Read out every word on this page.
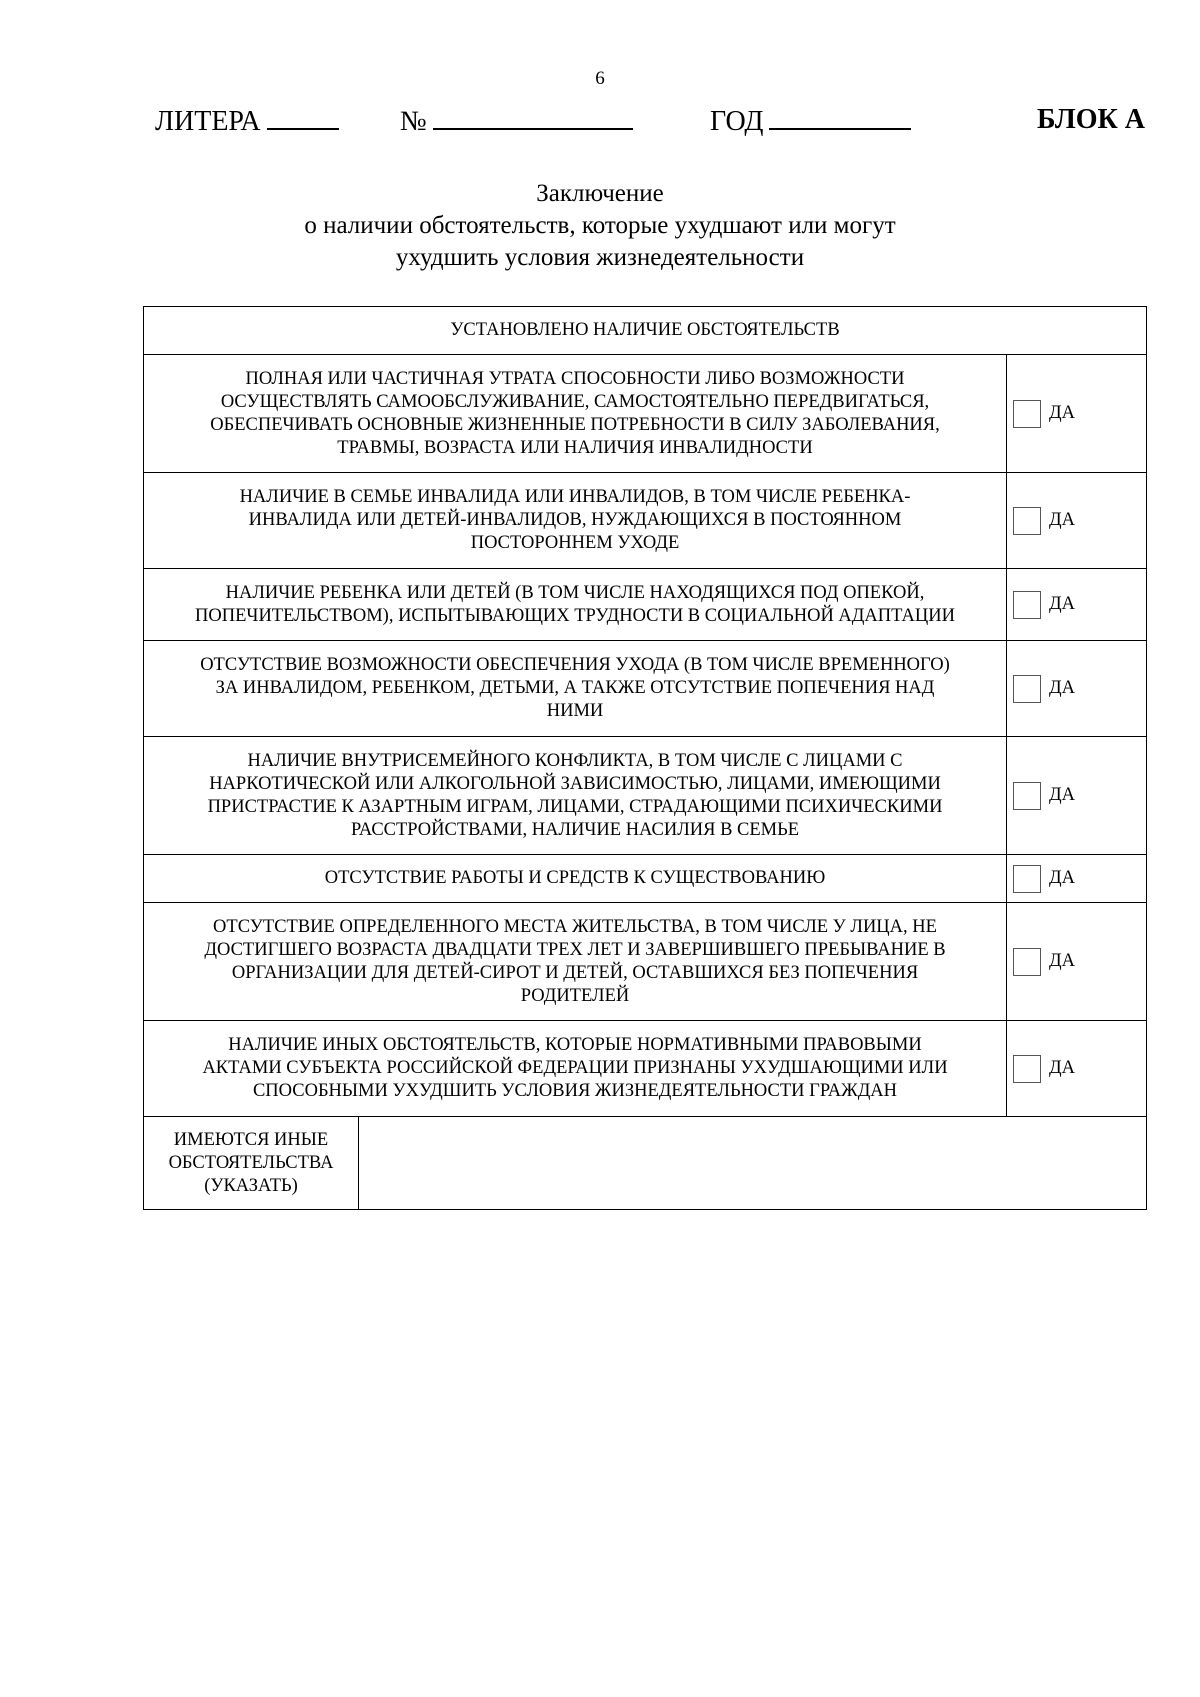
6
ЛИТЕРА	№	ГОД	БЛОК А
Заключение
о наличии обстоятельств, которые ухудшают или могут
ухудшить условия жизнедеятельности
УСТАНОВЛЕНО НАЛИЧИЕ ОБСТОЯТЕЛЬСТВ		

ПОЛНАЯ ИЛИ ЧАСТИЧНАЯ УТРАТА СПОСОБНОСТИ ЛИБО ВОЗМОЖНОСТИ
ОСУЩЕСТВЛЯТЬ САМООБСЛУЖИВАНИЕ, САМОСТОЯТЕЛЬНО ПЕРЕДВИГАТЬСЯ,
ОБЕСПЕЧИВАТЬ ОСНОВНЫЕ ЖИЗНЕННЫЕ ПОТРЕБНОСТИ В СИЛУ ЗАБОЛЕВАНИЯ,
ТРАВМЫ, ВОЗРАСТА ИЛИ НАЛИЧИЯ ИНВАЛИДНОСТИ		ДА

НАЛИЧИЕ В СЕМЬЕ ИНВАЛИДА ИЛИ ИНВАЛИДОВ, В ТОМ ЧИСЛЕ РЕБЕНКА-
ИНВАЛИДА ИЛИ ДЕТЕЙ-ИНВАЛИДОВ, НУЖДАЮЩИХСЯ В ПОСТОЯННОМ
ПОСТОРОННЕМ УХОДЕ		ДА

НАЛИЧИЕ РЕБЕНКА ИЛИ ДЕТЕЙ (В ТОМ ЧИСЛЕ НАХОДЯЩИХСЯ ПОД ОПЕКОЙ,
ПОПЕЧИТЕЛЬСТВОМ), ИСПЫТЫВАЮЩИХ ТРУДНОСТИ В СОЦИАЛЬНОЙ АДАПТАЦИИ		ДА

ОТСУТСТВИЕ ВОЗМОЖНОСТИ ОБЕСПЕЧЕНИЯ УХОДА (В ТОМ ЧИСЛЕ ВРЕМЕННОГО)
ЗА ИНВАЛИДОМ, РЕБЕНКОМ, ДЕТЬМИ, А ТАКЖЕ ОТСУТСТВИЕ ПОПЕЧЕНИЯ НАД
НИМИ		ДА

НАЛИЧИЕ ВНУТРИСЕМЕЙНОГО КОНФЛИКТА, В ТОМ ЧИСЛЕ С ЛИЦАМИ С
НАРКОТИЧЕСКОЙ ИЛИ АЛКОГОЛЬНОЙ ЗАВИСИМОСТЬЮ, ЛИЦАМИ, ИМЕЮЩИМИ
ПРИСТРАСТИЕ К АЗАРТНЫМ ИГРАМ, ЛИЦАМИ, СТРАДАЮЩИМИ ПСИХИЧЕСКИМИ
РАССТРОЙСТВАМИ, НАЛИЧИЕ НАСИЛИЯ В СЕМЬЕ		ДА

ОТСУТСТВИЕ РАБОТЫ И СРЕДСТВ К СУЩЕСТВОВАНИЮ		ДА

ОТСУТСТВИЕ ОПРЕДЕЛЕННОГО МЕСТА ЖИТЕЛЬСТВА, В ТОМ ЧИСЛЕ У ЛИЦА, НЕ
ДОСТИГШЕГО ВОЗРАСТА ДВАДЦАТИ ТРЕХ ЛЕТ И ЗАВЕРШИВШЕГО ПРЕБЫВАНИЕ В
ОРГАНИЗАЦИИ ДЛЯ ДЕТЕЙ-СИРОТ И ДЕТЕЙ, ОСТАВШИХСЯ БЕЗ ПОПЕЧЕНИЯ
РОДИТЕЛЕЙ		ДА

НАЛИЧИЕ ИНЫХ ОБСТОЯТЕЛЬСТВ, КОТОРЫЕ НОРМАТИВНЫМИ ПРАВОВЫМИ
АКТАМИ СУБЪЕКТА РОССИЙСКОЙ ФЕДЕРАЦИИ ПРИЗНАНЫ УХУДШАЮЩИМИ ИЛИ
СПОСОБНЫМИ УХУДШИТЬ УСЛОВИЯ ЖИЗНЕДЕЯТЕЛЬНОСТИ ГРАЖДАН		ДА

ИМЕЮТСЯ ИНЫЕ
ОБСТОЯТЕЛЬСТВА
(УКАЗАТЬ)		
